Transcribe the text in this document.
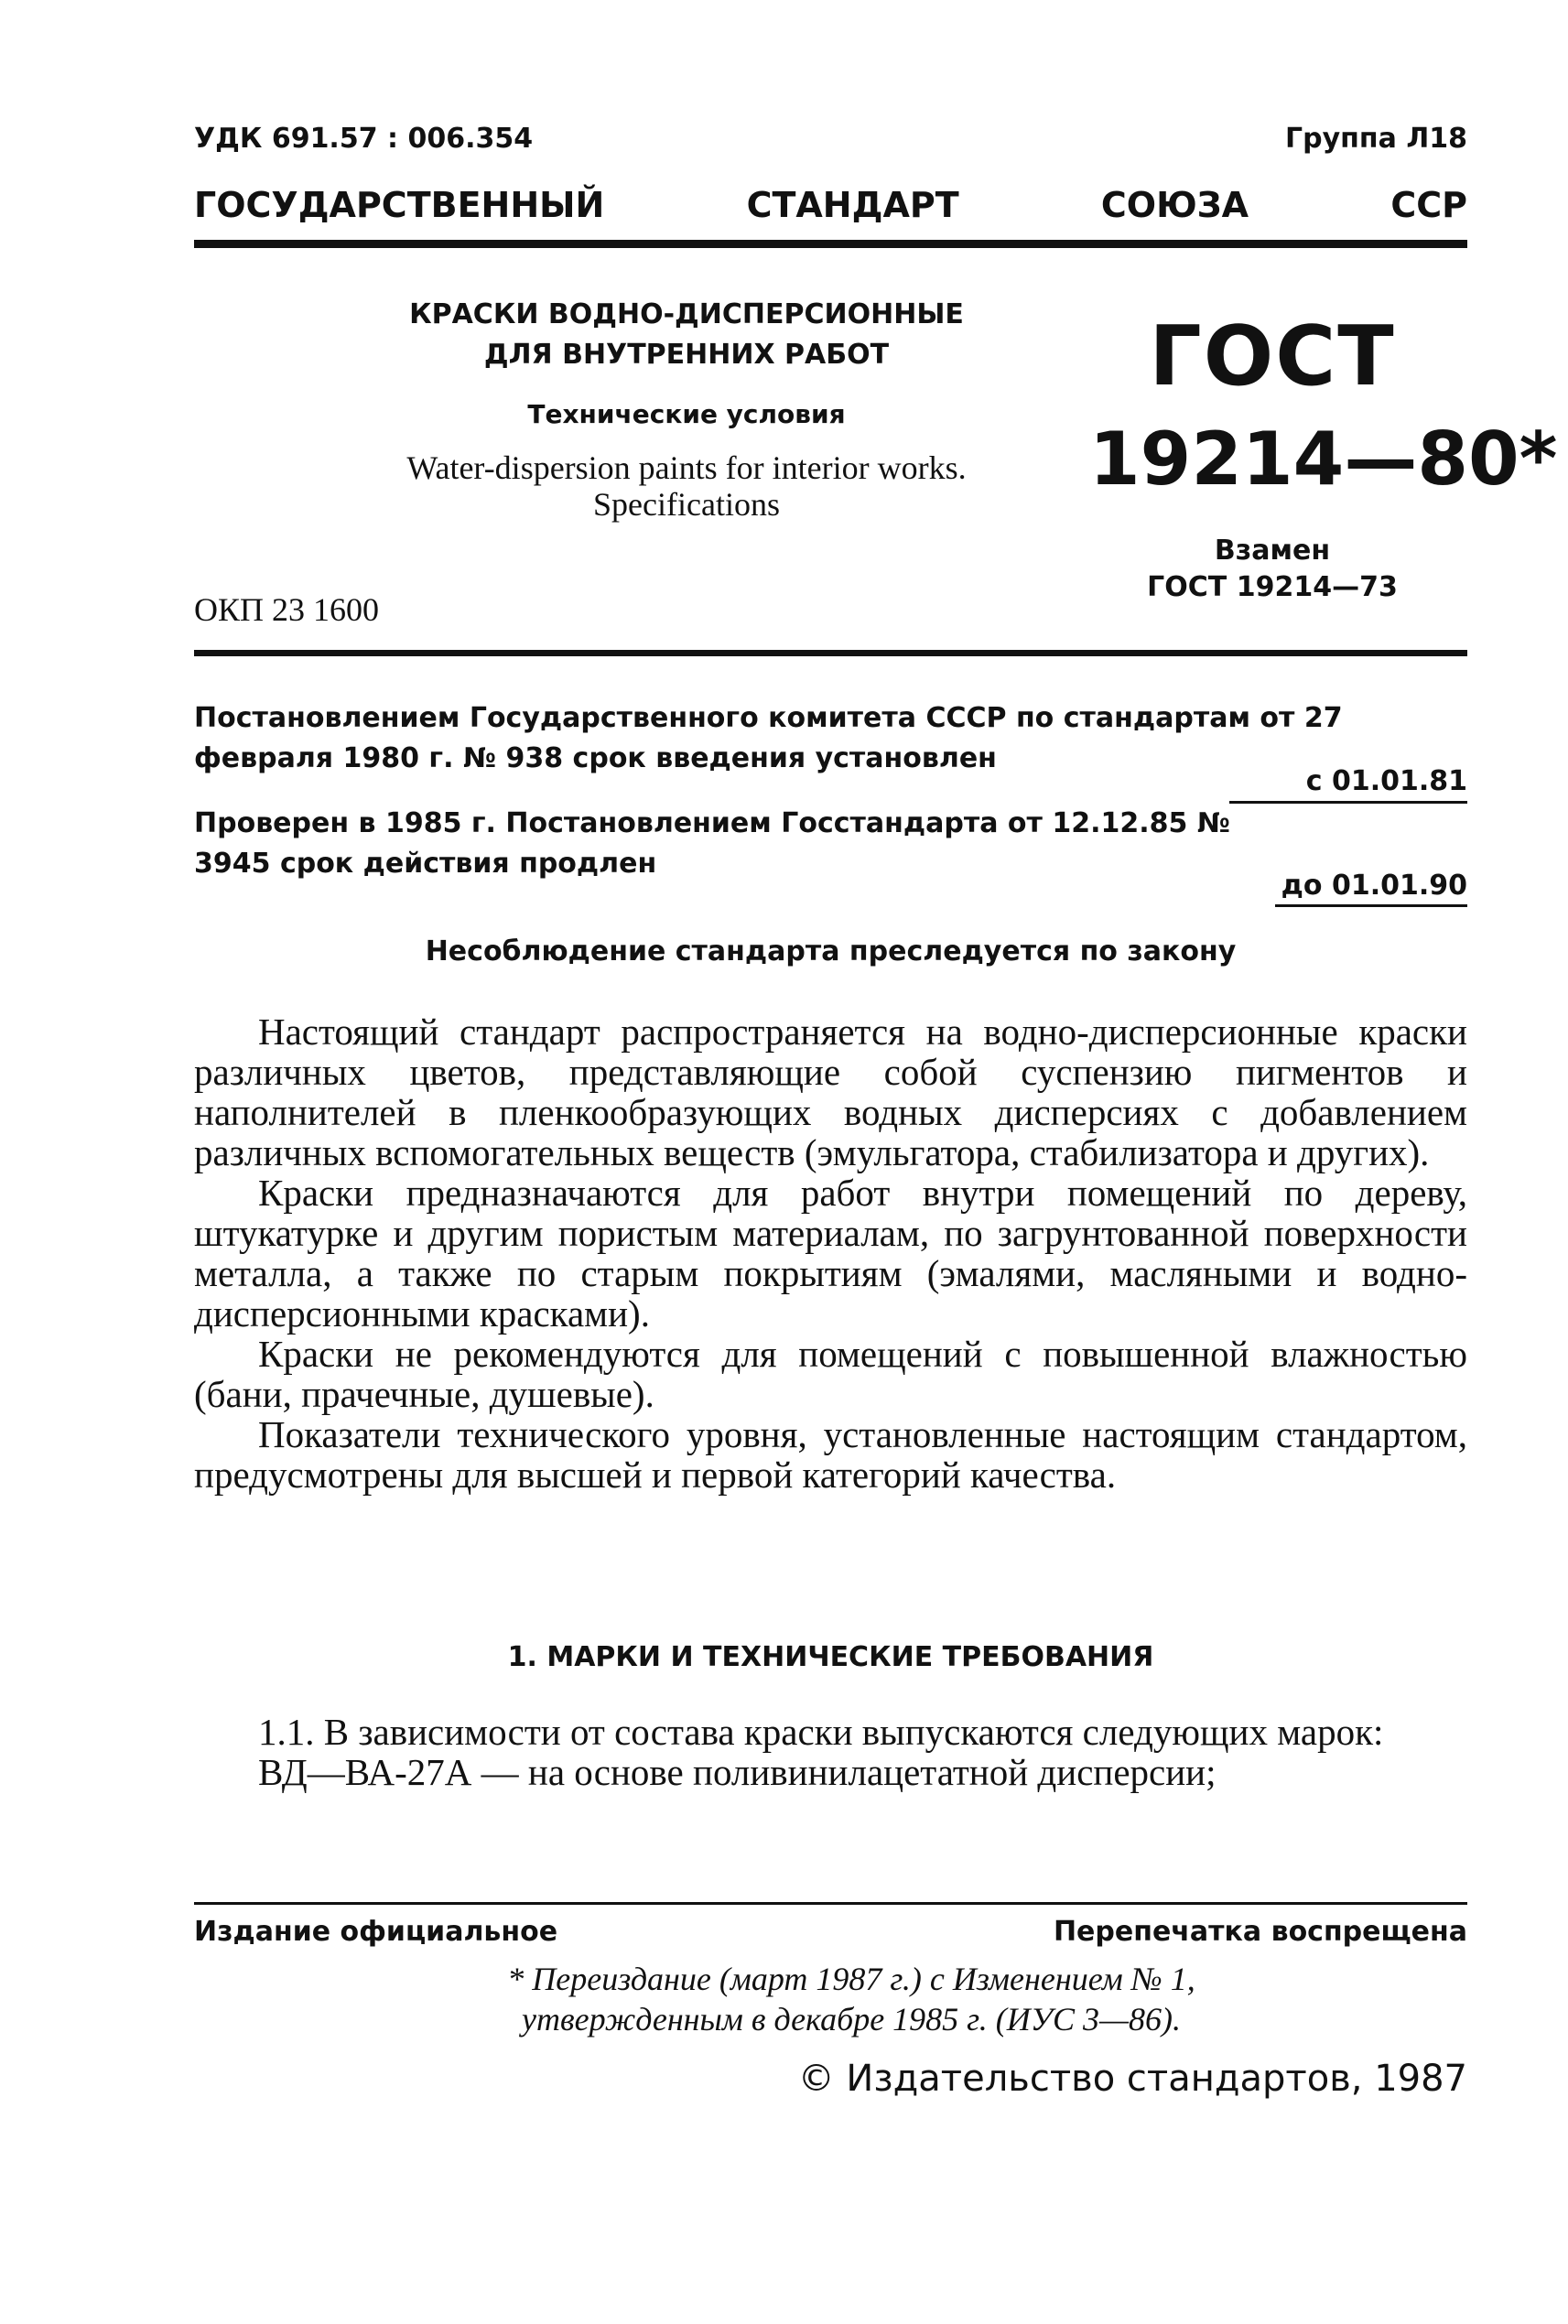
УДК 691.57 : 006.354	Группа Л18
ГОСУДАРСТВЕННЫЙ	СТАНДАРТ	СОЮЗА	ССР
КРАСКИ ВОДНО-ДИСПЕРСИОННЫЕ
ДЛЯ ВНУТРЕННИХ РАБОТ
Технические условия
Water-dispersion paints for interior works.
Specifications
ГОСТ
19214—80*
Взамен
ГОСТ 19214—73
ОКП 23 1600
Постановлением Государственного комитета СССР по стандартам от 27 февраля 1980 г. № 938 срок введения установлен
с 01.01.81
Проверен в 1985 г. Постановлением Госстандарта от 12.12.85 № 3945 срок действия продлен
до 01.01.90
Несоблюдение стандарта преследуется по закону

Настоящий стандарт распространяется на водно-дисперсионные краски различных цветов, представляющие собой суспензию пигментов и наполнителей в пленкообразующих водных дисперсиях с добавлением различных вспомогательных веществ (эмульгатора, стабилизатора и других).

Краски предназначаются для работ внутри помещений по дереву, штукатурке и другим пористым материалам, по загрунтованной поверхности металла, а также по старым покрытиям (эмалями, масляными и водно-дисперсионными красками).

Краски не рекомендуются для помещений с повышенной влажностью (бани, прачечные, душевые).

Показатели технического уровня, установленные настоящим стандартом, предусмотрены для высшей и первой категорий качества.

1. МАРКИ И ТЕХНИЧЕСКИЕ ТРЕБОВАНИЯ

1.1. В зависимости от состава краски выпускаются следующих марок:

ВД—ВА-27А — на основе поливинилацетатной дисперсии;

Издание официальное	Перепечатка воспрещена
* Переиздание (март 1987 г.) с Изменением № 1,
утвержденным в декабре 1985 г. (ИУС 3—86).
© Издательство стандартов, 1987
